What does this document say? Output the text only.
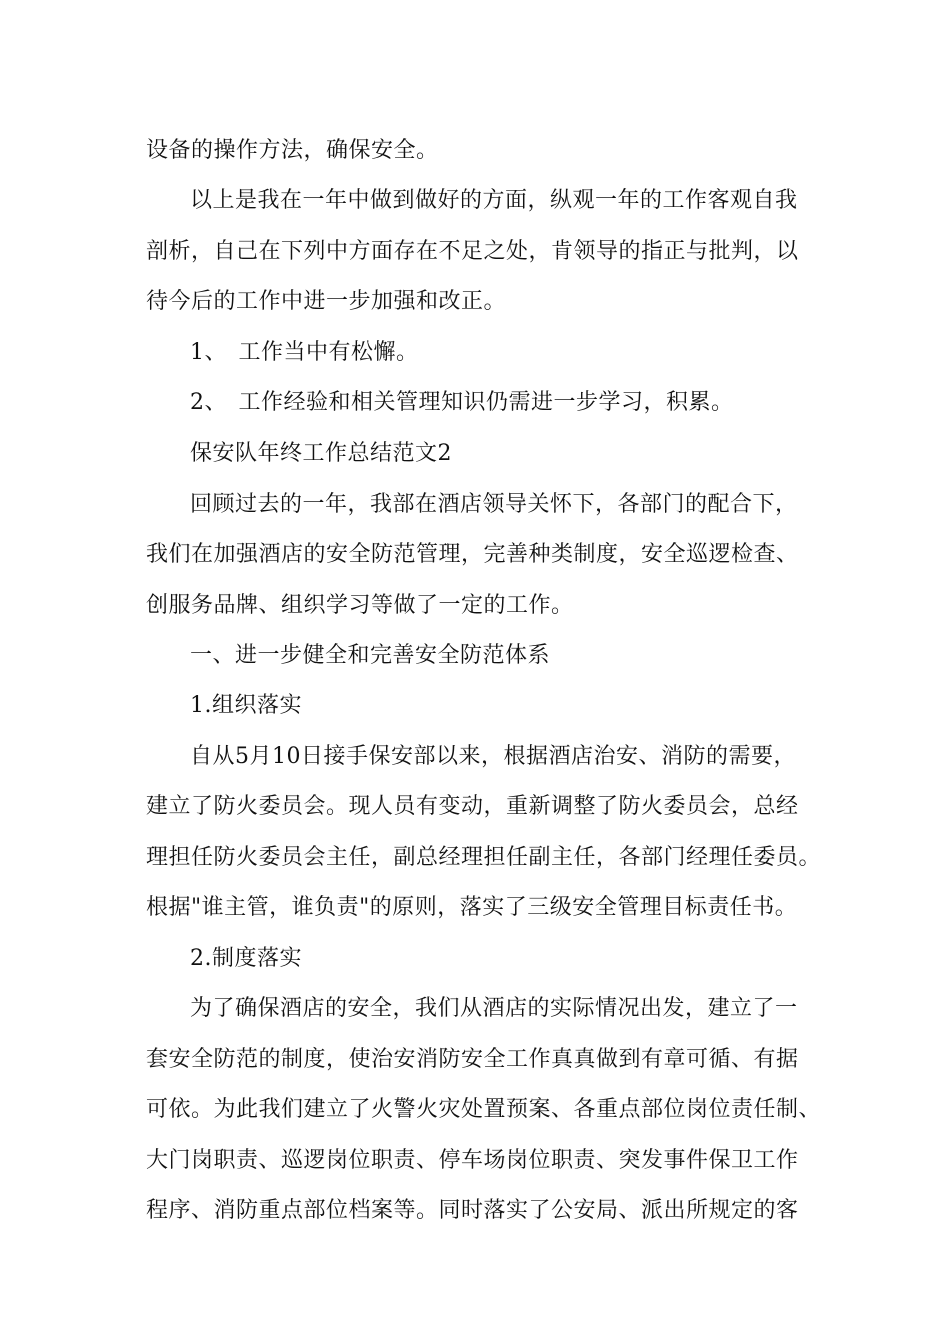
设备的操作方法，确保安全。
以上是我在一年中做到做好的方面，纵观一年的工作客观自我
剖析，自己在下列中方面存在不足之处，肯领导的指正与批判，以
待今后的工作中进一步加强和改正。
1、　工作当中有松懈。
2、　工作经验和相关管理知识仍需进一步学习，积累。
保安队年终工作总结范文2
回顾过去的一年，我部在酒店领导关怀下，各部门的配合下，
我们在加强酒店的安全防范管理，完善种类制度，安全巡逻检查、
创服务品牌、组织学习等做了一定的工作。
一、进一步健全和完善安全防范体系
1.组织落实
自从5月10日接手保安部以来，根据酒店治安、消防的需要，
建立了防火委员会。现人员有变动，重新调整了防火委员会，总经
理担任防火委员会主任，副总经理担任副主任，各部门经理任委员。
根据"谁主管，谁负责"的原则，落实了三级安全管理目标责任书。
2.制度落实
为了确保酒店的安全，我们从酒店的实际情况出发，建立了一
套安全防范的制度，使治安消防安全工作真真做到有章可循、有据
可依。为此我们建立了火警火灾处置预案、各重点部位岗位责任制、
大门岗职责、巡逻岗位职责、停车场岗位职责、突发事件保卫工作
程序、消防重点部位档案等。同时落实了公安局、派出所规定的客
